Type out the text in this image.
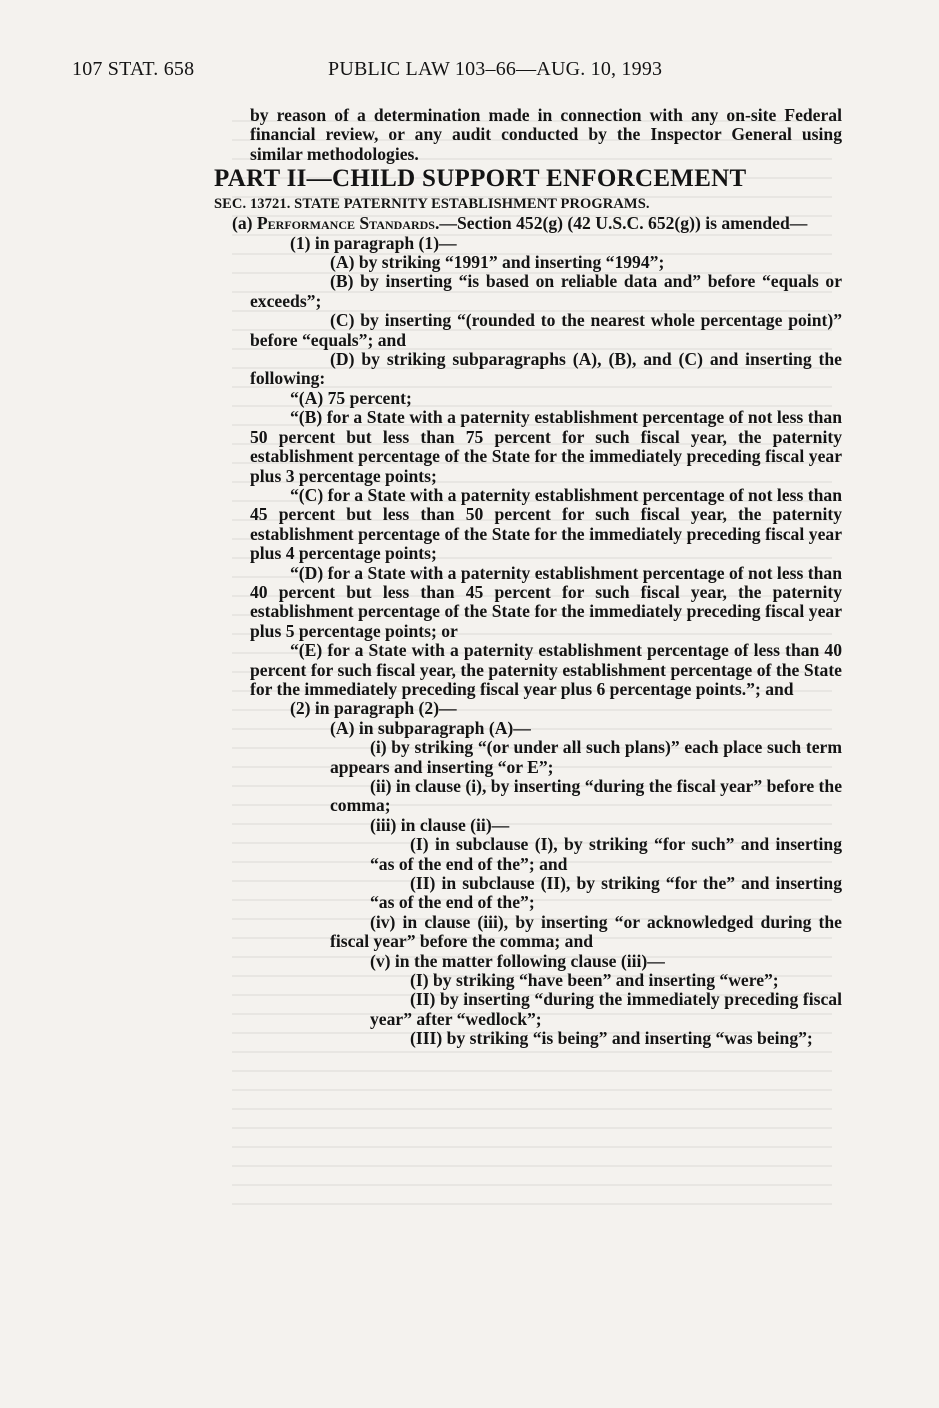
107 STAT. 658	PUBLIC LAW 103–66—AUG. 10, 1993

by reason of a determination made in connection with any on-site Federal financial review, or any audit conducted by the Inspector General using similar methodologies.

PART II—CHILD SUPPORT ENFORCEMENT

SEC. 13721. STATE PATERNITY ESTABLISHMENT PROGRAMS.

(a) Performance Standards.—Section 452(g) (42 U.S.C. 652(g)) is amended—

(1) in paragraph (1)—

(A) by striking “1991” and inserting “1994”;

(B) by inserting “is based on reliable data and” before “equals or exceeds”;

(C) by inserting “(rounded to the nearest whole percentage point)” before “equals”; and

(D) by striking subparagraphs (A), (B), and (C) and inserting the following:

“(A) 75 percent;

“(B) for a State with a paternity establishment percentage of not less than 50 percent but less than 75 percent for such fiscal year, the paternity establishment percentage of the State for the immediately preceding fiscal year plus 3 percentage points;

“(C) for a State with a paternity establishment percentage of not less than 45 percent but less than 50 percent for such fiscal year, the paternity establishment percentage of the State for the immediately preceding fiscal year plus 4 percentage points;

“(D) for a State with a paternity establishment percentage of not less than 40 percent but less than 45 percent for such fiscal year, the paternity establishment percentage of the State for the immediately preceding fiscal year plus 5 percentage points; or

“(E) for a State with a paternity establishment percentage of less than 40 percent for such fiscal year, the paternity establishment percentage of the State for the immediately preceding fiscal year plus 6 percentage points.”; and

(2) in paragraph (2)—

(A) in subparagraph (A)—

(i) by striking “(or under all such plans)” each place such term appears and inserting “or E”;

(ii) in clause (i), by inserting “during the fiscal year” before the comma;

(iii) in clause (ii)—

(I) in subclause (I), by striking “for such” and inserting “as of the end of the”; and

(II) in subclause (II), by striking “for the” and inserting “as of the end of the”;

(iv) in clause (iii), by inserting “or acknowledged during the fiscal year” before the comma; and

(v) in the matter following clause (iii)—

(I) by striking “have been” and inserting “were”;

(II) by inserting “during the immediately preceding fiscal year” after “wedlock”;

(III) by striking “is being” and inserting “was being”;
